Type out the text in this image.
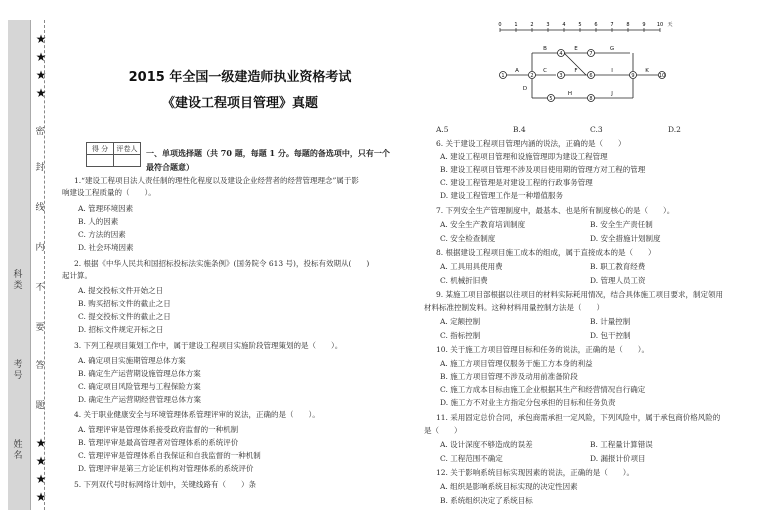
科类
考号
姓名
★
★
★
★
★
★
★
★
密
封
线
内
不
要
答
题
2015 年全国一级建造师执业资格考试
《建设工程项目管理》真题
得 分	评卷人
	一、单项选择题（共 70 题，每题 1 分。每题的备选项中，只有一个最符合题意）
1.“建设工程项目法人责任制的理性化程度以及建设企业经营者的经营管理理念”属于影
响建设工程质量的（　　）。
A. 管理环境因素
B. 人的因素
C. 方法的因素
D. 社会环境因素
2. 根据《中华人民共和国招标投标法实施条例》(国务院令 613 号)，投标有效期从(　　)
起计算。
A. 提交投标文件开始之日
B. 购买招标文件的截止之日
C. 提交投标文件的截止之日
D. 招标文件规定开标之日
3. 下列工程项目策划工作中，属于建设工程项目实施阶段管理策划的是（　　）。
A. 确定项目实施期管理总体方案
B. 确定生产运营期设施管理总体方案
C. 确定项目风险管理与工程保险方案
D. 确定生产运营期经营管理总体方案
4. 关于职业健康安全与环境管理体系管理评审的说法，正确的是（　　）。
A. 管理评审是管理体系接受政府监督的一种机制
B. 管理评审是最高管理者对管理体系的系统评价
C. 管理评审是管理体系自我保证和自我监督的一种机制
D. 管理评审是第三方论证机构对管理体系的系统评价
5. 下列双代号时标网络计划中，关键线路有（　　）条
0	1	2	3	4	5	6	7	8	9 10 天
1	2	3
4
6
7
5	8
9	10
A
B
C
D
E
F
G
H
I
J
K
A.5	B.4	C.3	D.2
6. 关于建设工程项目管理内涵的说法，正确的是（　　）
A. 建设工程项目管理和设施管理即为建设工程管理
B. 建设工程项目管理不涉及项目使用期的管理方对工程的管理
C. 建设工程管理是对建设工程的行政事务管理
D. 建设工程管理工作是一种增值服务
7. 下列安全生产管理制度中，最基本、也是所有制度核心的是（　　）。
A. 安全生产教育培训制度	B. 安全生产责任制
C. 安全检查制度	D. 安全措施计划制度
8. 根据建设工程项目施工成本的组成，属于直接成本的是（　　）
A. 工具用具使用费	B. 职工教育经费
C. 机械折旧费	D. 管理人员工资
9. 某施工项目部根据以往项目的材料实际耗用情况，结合具体施工项目要求，制定领用
材料标准控制发料。这种材料用量控制方法是（　　）
A. 定额控制	B. 计量控制
C. 指标控制	D. 包干控制
10. 关于施工方项目管理目标和任务的说法，正确的是（　　）。
A. 施工方项目管理仅服务于施工方本身的利益
B. 施工方项目管理不涉及动用前准备阶段
C. 施工方成本目标由施工企业根据其生产和经营情况自行确定
D. 施工方不对业主方指定分包承担的目标和任务负责
11. 采用固定总价合同，承包商需承担一定风险，下列风险中，属于承包商价格风险的
是（　　）
A. 设计深度不够造成的误差	B. 工程量计算错误
C. 工程范围不确定	D. 漏报计价项目
12. 关于影响系统目标实现因素的说法，正确的是（　　）。
A. 组织是影响系统目标实现的决定性因素
B. 系统组织决定了系统目标
